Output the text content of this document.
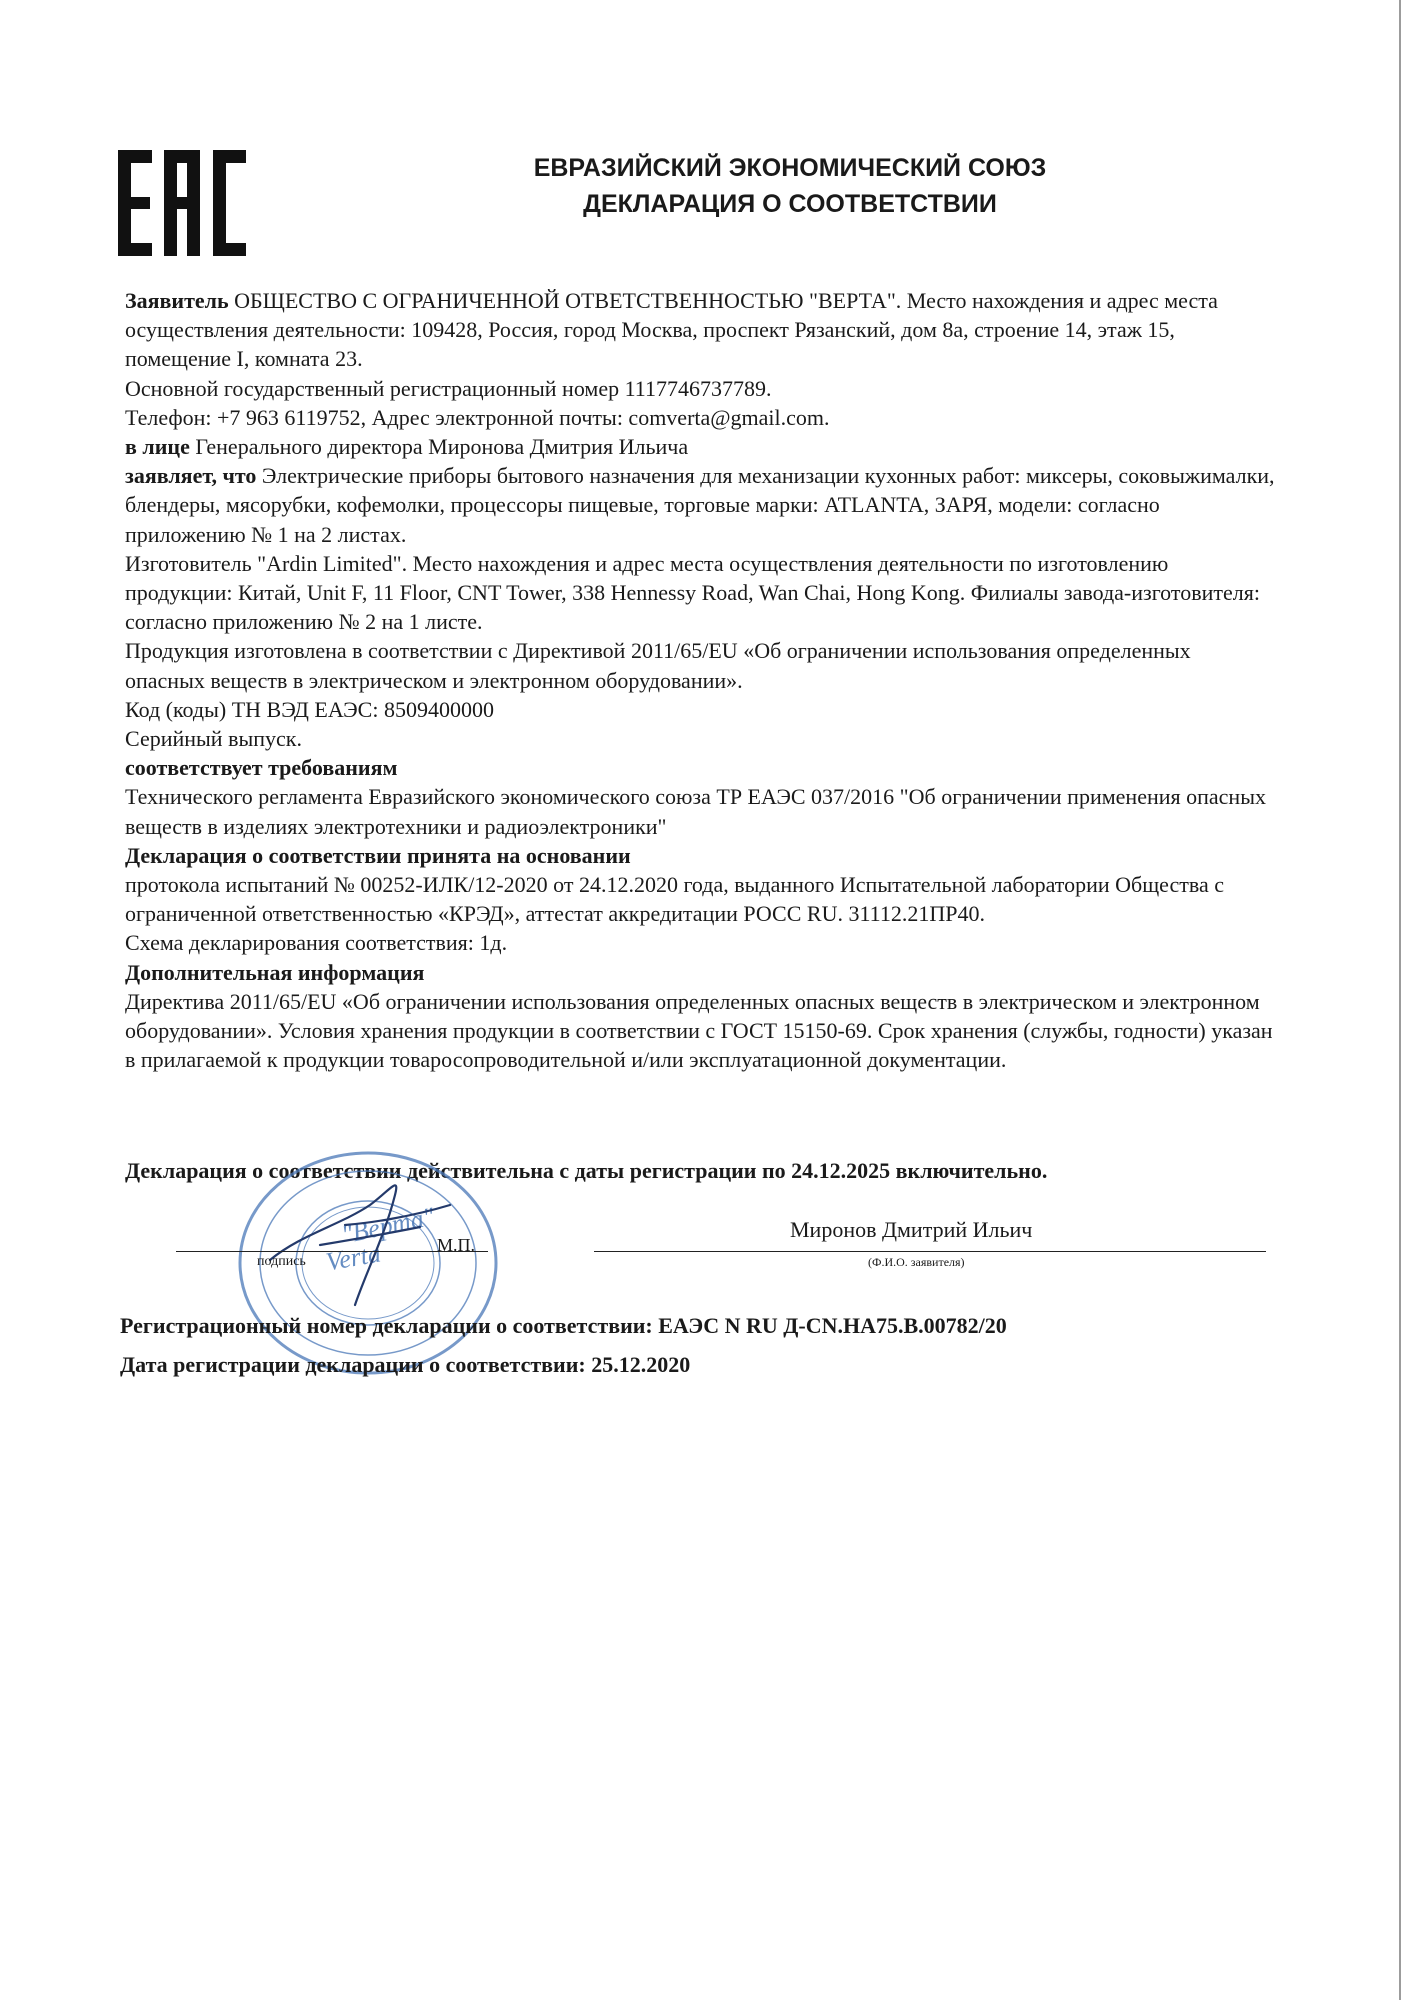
ЕВРАЗИЙСКИЙ ЭКОНОМИЧЕСКИЙ СОЮЗ
ДЕКЛАРАЦИЯ О СООТВЕТСТВИИ

Заявитель ОБЩЕСТВО С ОГРАНИЧЕННОЙ ОТВЕТСТВЕННОСТЬЮ "ВЕРТА". Место нахождения и адрес места осуществления деятельности: 109428, Россия, город Москва, проспект Рязанский, дом 8а, строение 14, этаж 15, помещение I, комната 23.

Основной государственный регистрационный номер 1117746737789.

Телефон: +7 963 6119752, Адрес электронной почты: comverta@gmail.com.

в лице Генерального директора Миронова Дмитрия Ильича

заявляет, что Электрические приборы бытового назначения для механизации кухонных работ: миксеры, соковыжималки, блендеры, мясорубки, кофемолки, процессоры пищевые, торговые марки: ATLANTA, ЗАРЯ, модели: согласно приложению № 1 на 2 листах.

Изготовитель "Ardin Limited". Место нахождения и адрес места осуществления деятельности по изготовлению продукции: Китай, Unit F, 11 Floor, CNT Tower, 338 Hennessy Road, Wan Chai, Hong Kong. Филиалы завода-изготовителя: согласно приложению № 2 на 1 листе.

Продукция изготовлена в соответствии с Директивой 2011/65/EU «Об ограничении использования определенных опасных веществ в электрическом и электронном оборудовании».

Код (коды) ТН ВЭД ЕАЭС: 8509400000

Серийный выпуск.

соответствует требованиям

Технического регламента Евразийского экономического союза ТР ЕАЭС 037/2016 "Об ограничении применения опасных веществ в изделиях электротехники и радиоэлектроники"

Декларация о соответствии принята на основании

протокола испытаний № 00252-ИЛК/12-2020 от 24.12.2020 года, выданного Испытательной лаборатории Общества с ограниченной ответственностью «КРЭД», аттестат аккредитации РОСС RU. 31112.21ПР40.

Схема декларирования соответствия: 1д.

Дополнительная информация

Директива 2011/65/EU «Об ограничении использования определенных опасных веществ в электрическом и электронном оборудовании». Условия хранения продукции в соответствии с ГОСТ 15150-69. Срок хранения (службы, годности) указан в прилагаемой к продукции товаросопроводительной и/или эксплуатационной документации.

Декларация о соответствии действительна с даты регистрации по 24.12.2025 включительно.
"Верта"
Verta	М.П.
подпись
Миронов Дмитрий Ильич
(Ф.И.О. заявителя)
Регистрационный номер декларации о соответствии: ЕАЭС N RU Д-CN.НА75.В.00782/20
Дата регистрации декларации о соответствии: 25.12.2020
